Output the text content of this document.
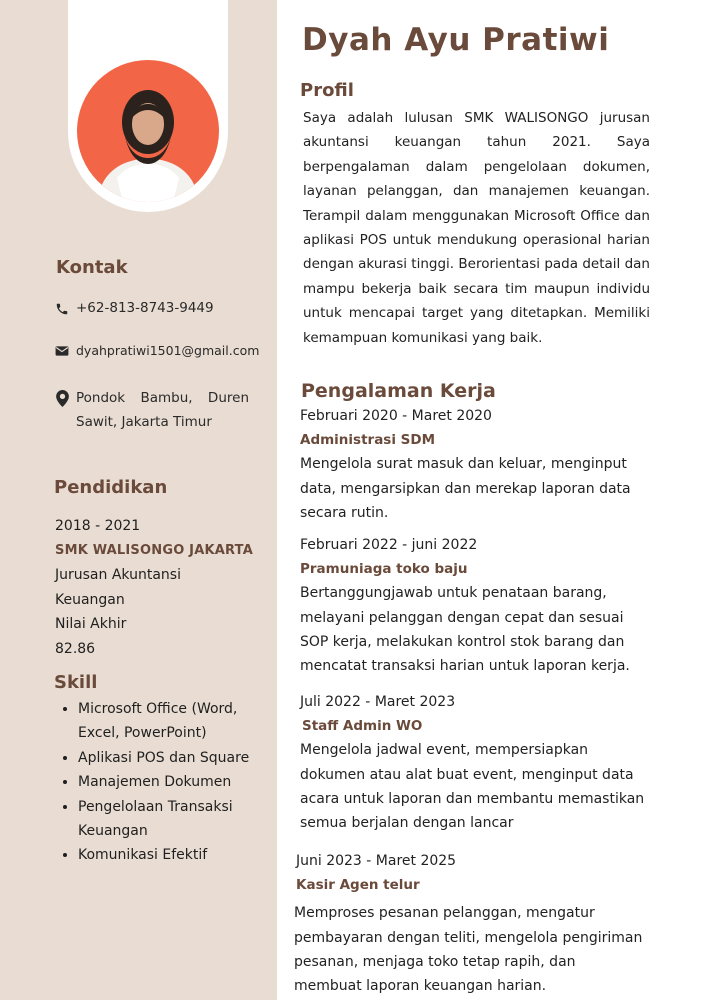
Kontak
+62-813-8743-9449
dyahpratiwi1501@gmail.com
Pondok Bambu, Duren Sawit, Jakarta Timur
Pendidikan
2018 - 2021
SMK WALISONGO JAKARTA
Jurusan Akuntansi Keuangan
Nilai Akhir
82.86
Skill
• Microsoft Office (Word, Excel, PowerPoint)
• Aplikasi POS dan Square
• Manajemen Dokumen
• Pengelolaan Transaksi Keuangan
• Komunikasi Efektif
Dyah Ayu Pratiwi
Profil
Saya adalah lulusan SMK WALISONGO jurusan akuntansi keuangan tahun 2021. Saya berpengalaman dalam pengelolaan dokumen, layanan pelanggan, dan manajemen keuangan. Terampil dalam menggunakan Microsoft Office dan aplikasi POS untuk mendukung operasional harian dengan akurasi tinggi. Berorientasi pada detail dan mampu bekerja baik secara tim maupun individu untuk mencapai target yang ditetapkan. Memiliki kemampuan komunikasi yang baik.
Pengalaman Kerja
Februari 2020 - Maret 2020
Administrasi SDM
Mengelola surat masuk dan keluar, menginput data, mengarsipkan dan merekap laporan data secara rutin.
Februari 2022 - juni 2022
Pramuniaga toko baju
Bertanggungjawab untuk penataan barang, melayani pelanggan dengan cepat dan sesuai SOP kerja, melakukan kontrol stok barang dan mencatat transaksi harian untuk laporan kerja.
Juli 2022 - Maret 2023
Staff Admin WO
Mengelola jadwal event, mempersiapkan dokumen atau alat buat event, menginput data acara untuk laporan dan membantu memastikan semua berjalan dengan lancar
Juni 2023 - Maret 2025
Kasir Agen telur
Memproses pesanan pelanggan, mengatur pembayaran dengan teliti, mengelola pengiriman pesanan, menjaga toko tetap rapih, dan membuat laporan keuangan harian.
